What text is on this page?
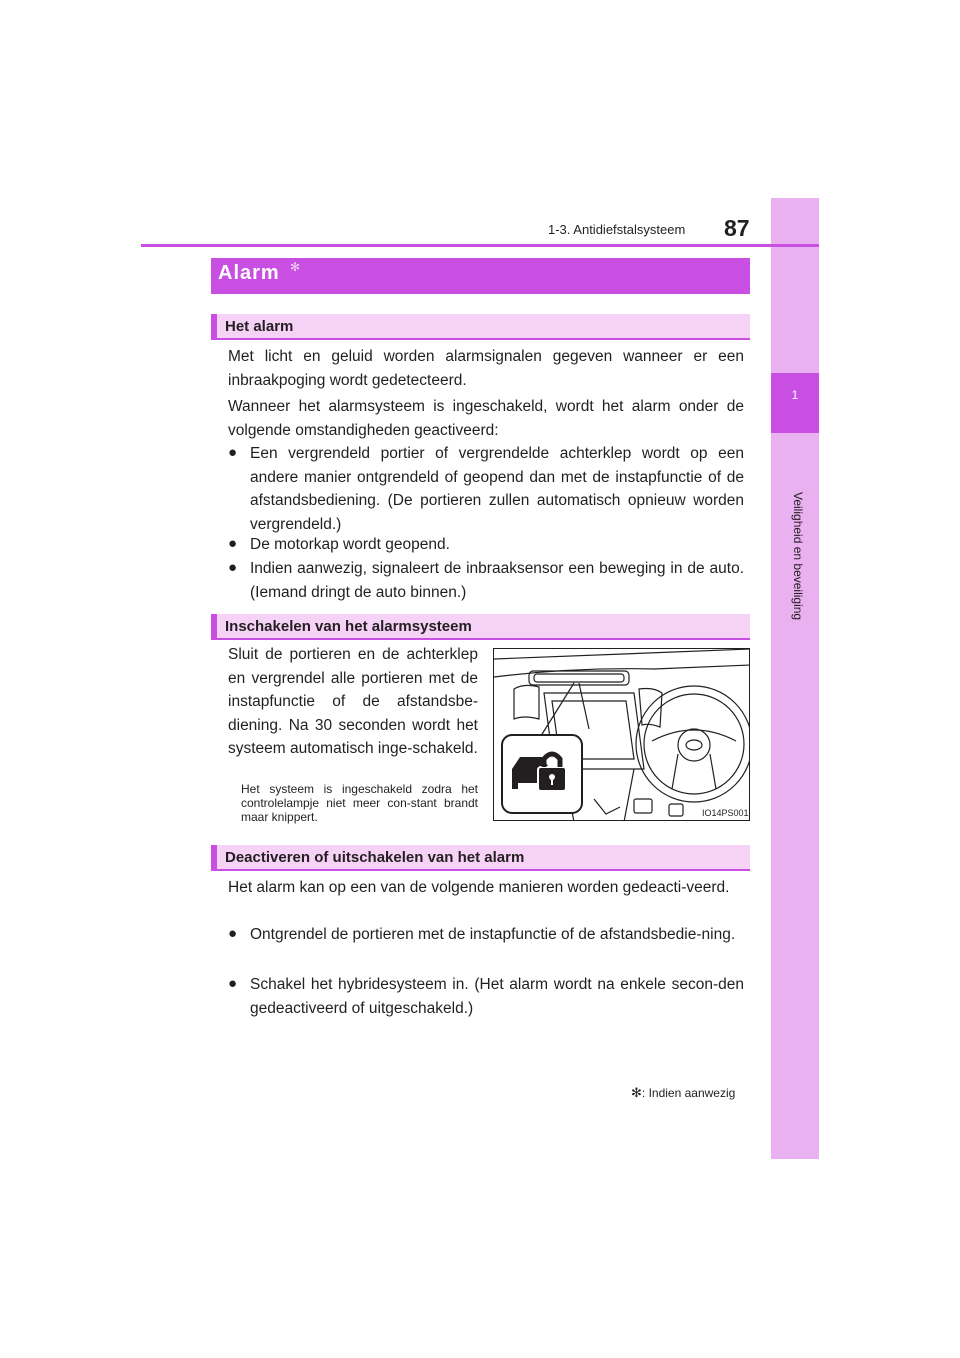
1
Veiligheid en beveiliging
1-3. Antidiefstalsysteem 87
Alarm ✻
Het alarm
Met licht en geluid worden alarmsignalen gegeven wanneer er een inbraakpoging wordt gedetecteerd.
Wanneer het alarmsysteem is ingeschakeld, wordt het alarm onder de volgende omstandigheden geactiveerd:
● Een vergrendeld portier of vergrendelde achterklep wordt op een andere manier ontgrendeld of geopend dan met de instapfunctie of de afstandsbediening. (De portieren zullen automatisch opnieuw worden vergrendeld.)
● De motorkap wordt geopend.
● Indien aanwezig, signaleert de inbraaksensor een beweging in de auto. (Iemand dringt de auto binnen.)
Inschakelen van het alarmsysteem
Sluit de portieren en de achterklep en vergrendel alle portieren met de instapfunctie of de afstandsbe-diening. Na 30 seconden wordt het systeem automatisch inge-schakeld.
Het systeem is ingeschakeld zodra het controlelampje niet meer con-stant brandt maar knippert.	IO14PS001
Deactiveren of uitschakelen van het alarm
Het alarm kan op een van de volgende manieren worden gedeacti-veerd.
● Ontgrendel de portieren met de instapfunctie of de afstandsbedie-ning.
● Schakel het hybridesysteem in. (Het alarm wordt na enkele secon-den gedeactiveerd of uitgeschakeld.)
✻: Indien aanwezig
